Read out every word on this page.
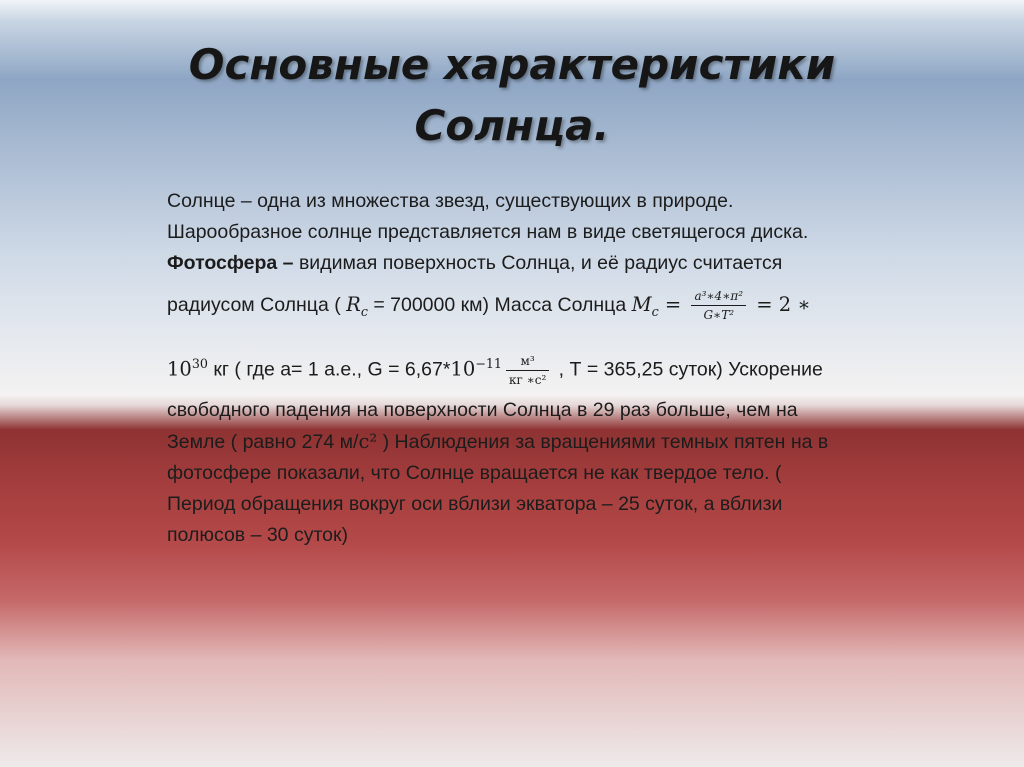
Основные характеристики
Солнца.
Солнце – одна из множества звезд, существующих в природе.
Шарообразное солнце представляется нам в виде светящегося диска.
Фотосфера – видимая поверхность Солнца, и её радиус считается
радиусом Солнца ( $R_c = 700000$ км) Масса Солнца $M_c = \frac{\text{a³∗4∗π²}}{\text{G∗T²}} = 2$ ∗
$10^{30}$ кг ( где а= 1 а.е., $G = 6,67*10^{-11} \frac{\text{м³}}{\text{кг ∗с²}}$ , Т = 365,25 суток) Ускорение
свободного падения на поверхности Солнца в 29 раз больше, чем на
Земле ( равно 274 м/c² ) Наблюдения за вращениями темных пятен на в
фотосфере показали, что Солнце вращается не как твердое тело. (
Период обращения вокруг оси вблизи экватора – 25 суток, а вблизи
полюсов – 30 суток)
